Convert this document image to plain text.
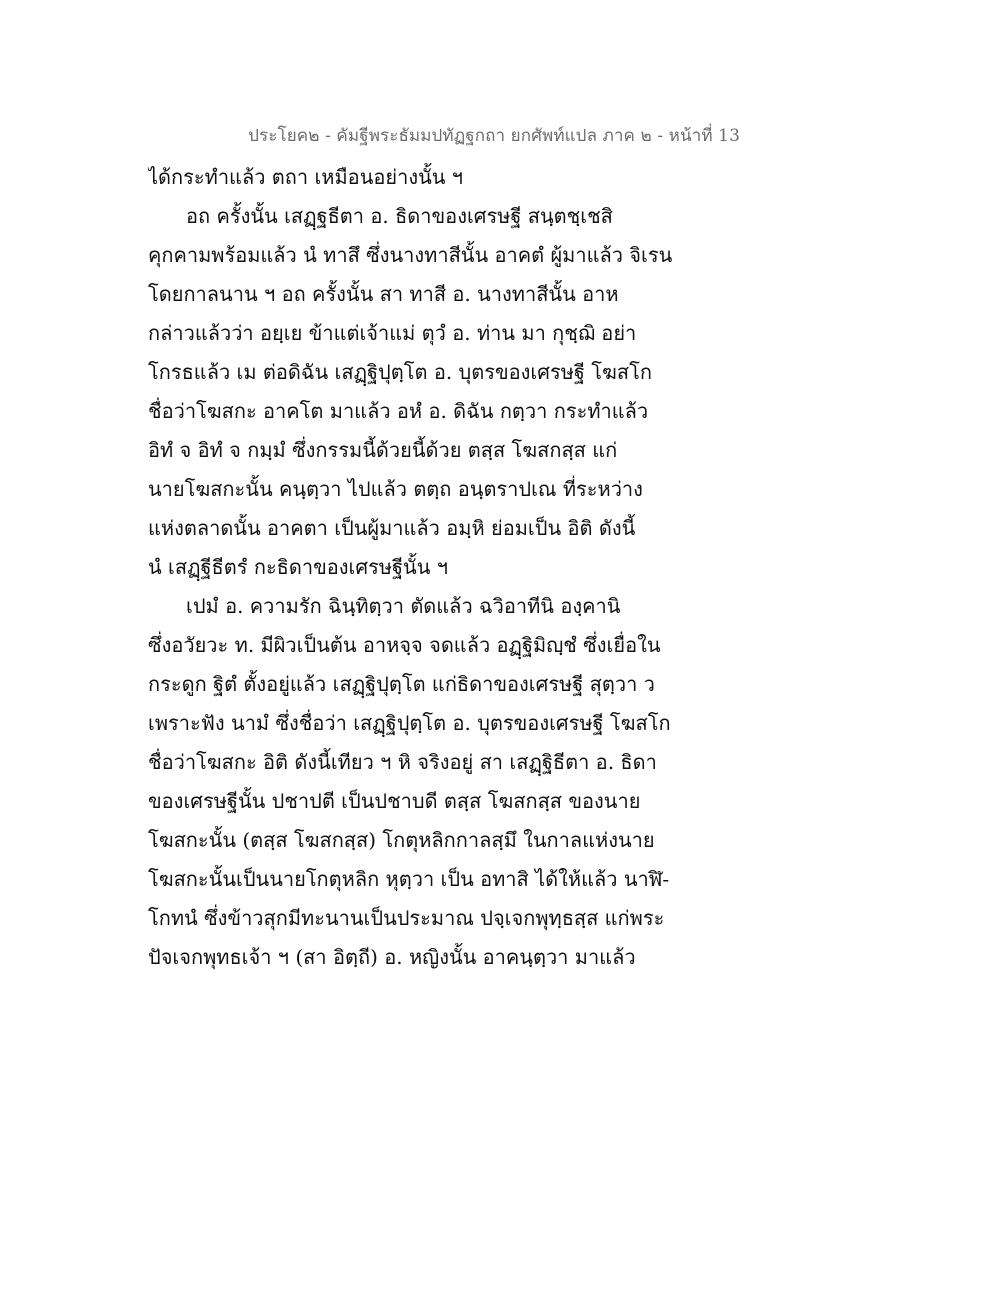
ประโยค๒ - คัมฐีพระธัมมปทัฏฐกถา ยกศัพท์แปล ภาค ๒ - หน้าที่ 13
ได้กระทำแล้ว ตถา เหมือนอย่างนั้น ฯ
อถ ครั้งนั้น เสฏฺฐธีตา อ. ธิดาของเศรษฐี สนฺตชฺเชสิ
คุกคามพร้อมแล้ว นํ ทาสึ ซึ่งนางทาสีนั้น อาคตํ ผู้มาแล้ว จิเรน
โดยกาลนาน ฯ อถ ครั้งนั้น สา ทาสี อ. นางทาสีนั้น อาห
กล่าวแล้วว่า อยฺเย ข้าแต่เจ้าแม่ ตุวํ อ. ท่าน มา กุชฺฌิ อย่า
โกรธแล้ว เม ต่อดิฉัน เสฏฺฐิปุตฺโต อ. บุตรของเศรษฐี โฆสโก
ชื่อว่าโฆสกะ อาคโต มาแล้ว อหํ อ. ดิฉัน กตฺวา กระทำแล้ว
อิทํ จ อิทํ จ กมฺมํ ซึ่งกรรมนี้ด้วยนี้ด้วย ตสฺส โฆสกสฺส แก่
นายโฆสกะนั้น คนฺตฺวา ไปแล้ว ตตฺถ อนฺตราปเณ ที่ระหว่าง
แห่งตลาดนั้น อาคตา เป็นผู้มาแล้ว อมฺหิ ย่อมเป็น อิติ ดังนี้
นํ เสฏฺฐีธีตรํ กะธิดาของเศรษฐีนั้น ฯ
เปมํ อ. ความรัก ฉินฺทิตฺวา ตัดแล้ว ฉวิอาทีนิ องฺคานิ
ซึ่งอวัยวะ ท. มีผิวเป็นต้น อาหจฺจ จดแล้ว อฏฺฐิมิญฺชํ ซึ่งเยื่อใน
กระดูก ฐิตํ ตั้งอยู่แล้ว เสฏฺฐิปุตฺโต แก่ธิดาของเศรษฐี สุตฺวา ว
เพราะฟัง นามํ ซึ่งชื่อว่า เสฏฺฐิปุตฺโต อ. บุตรของเศรษฐี โฆสโก
ชื่อว่าโฆสกะ อิติ ดังนี้เทียว ฯ หิ จริงอยู่ สา เสฏฺฐิธีตา อ. ธิดา
ของเศรษฐีนั้น ปชาปตี เป็นปชาบดี ตสฺส โฆสกสฺส ของนาย
โฆสกะนั้น (ตสฺส โฆสกสฺส) โกตุหลิกกาลสฺมึ ในกาลแห่งนาย
โฆสกะนั้นเป็นนายโกตุหลิก หุตฺวา เป็น อทาสิ ได้ให้แล้ว นาฬิ-
โกทนํ ซึ่งข้าวสุกมีทะนานเป็นประมาณ ปจฺเจกพุทฺธสฺส แก่พระ
ปัจเจกพุทธเจ้า ฯ (สา อิตฺถี) อ. หญิงนั้น อาคนฺตฺวา มาแล้ว
